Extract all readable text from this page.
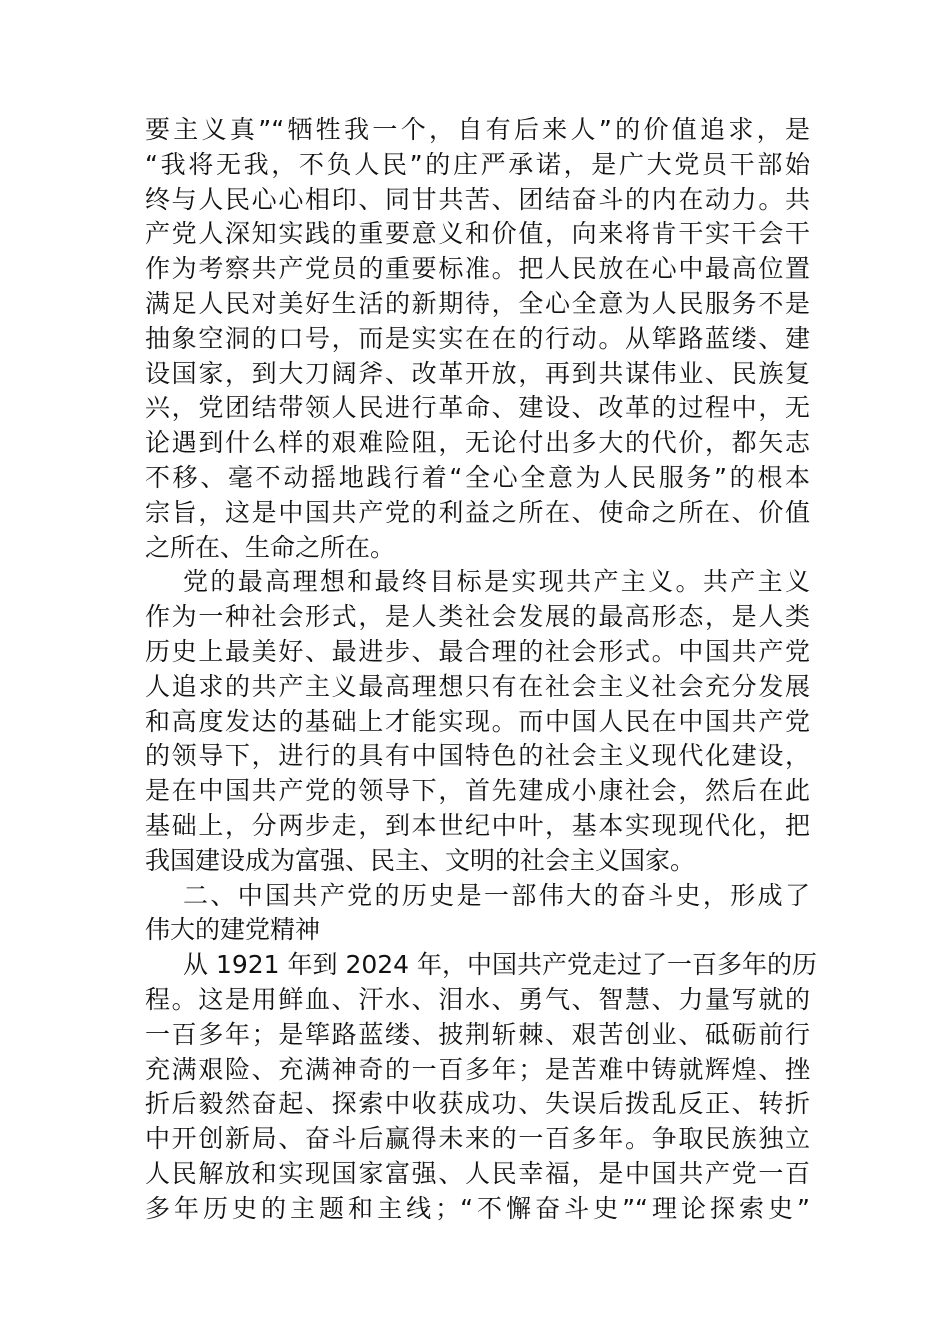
要主义真”“牺牲我一个，自有后来人”的价值追求，是
“我将无我，不负人民”的庄严承诺，是广大党员干部始
终与人民心心相印、同甘共苦、团结奋斗的内在动力。共
产党人深知实践的重要意义和价值，向来将肯干实干会干
作为考察共产党员的重要标准。把人民放在心中最高位置
满足人民对美好生活的新期待，全心全意为人民服务不是
抽象空洞的口号，而是实实在在的行动。从筚路蓝缕、建
设国家，到大刀阔斧、改革开放，再到共谋伟业、民族复
兴，党团结带领人民进行革命、建设、改革的过程中，无
论遇到什么样的艰难险阻，无论付出多大的代价，都矢志
不移、毫不动摇地践行着“全心全意为人民服务”的根本
宗旨，这是中国共产党的利益之所在、使命之所在、价值
之所在、生命之所在。
党的最高理想和最终目标是实现共产主义。共产主义
作为一种社会形式，是人类社会发展的最高形态，是人类
历史上最美好、最进步、最合理的社会形式。中国共产党
人追求的共产主义最高理想只有在社会主义社会充分发展
和高度发达的基础上才能实现。而中国人民在中国共产党
的领导下，进行的具有中国特色的社会主义现代化建设，
是在中国共产党的领导下，首先建成小康社会，然后在此
基础上，分两步走，到本世纪中叶，基本实现现代化，把
我国建设成为富强、民主、文明的社会主义国家。
二、中国共产党的历史是一部伟大的奋斗史，形成了
伟大的建党精神
从 1921 年到 2024 年，中国共产党走过了一百多年的历
程。这是用鲜血、汗水、泪水、勇气、智慧、力量写就的
一百多年；是筚路蓝缕、披荆斩棘、艰苦创业、砥砺前行
充满艰险、充满神奇的一百多年；是苦难中铸就辉煌、挫
折后毅然奋起、探索中收获成功、失误后拨乱反正、转折
中开创新局、奋斗后赢得未来的一百多年。争取民族独立
人民解放和实现国家富强、人民幸福，是中国共产党一百
多年历史的主题和主线；“不懈奋斗史”“理论探索史”
